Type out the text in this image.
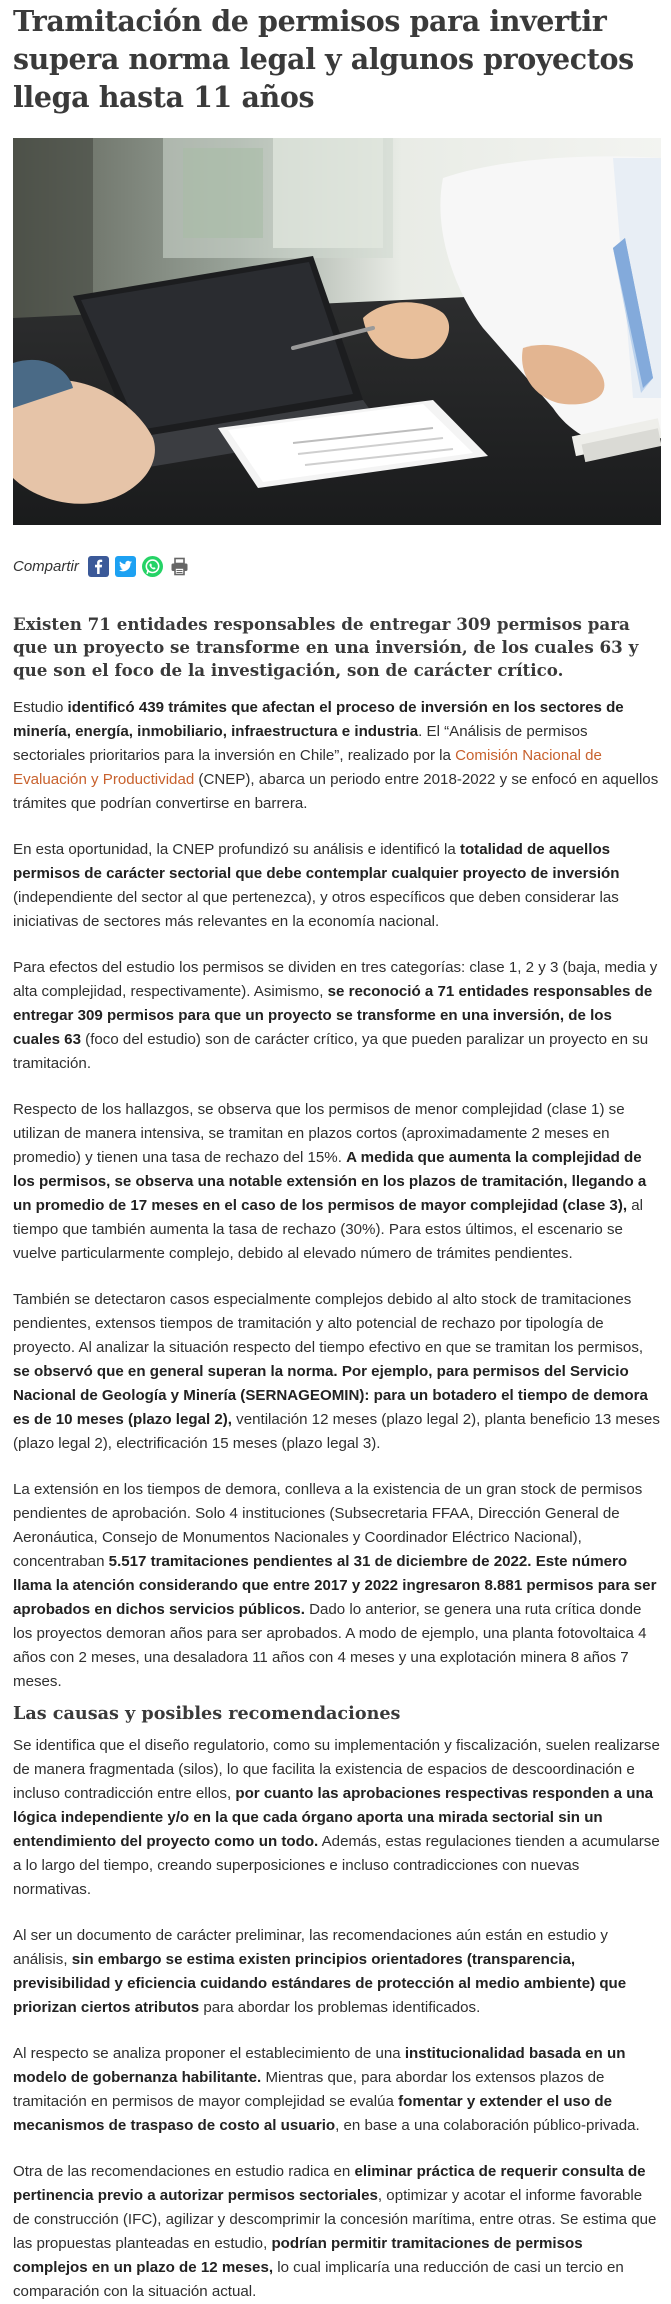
Tramitación de permisos para invertir supera norma legal y algunos proyectos llega hasta 11 años
Compartir

Existen 71 entidades responsables de entregar 309 permisos para que un proyecto se transforme en una inversión, de los cuales 63 y que son el foco de la investigación, son de carácter crítico.

Estudio identificó 439 trámites que afectan el proceso de inversión en los sectores de minería, energía, inmobiliario, infraestructura e industria. El “Análisis de permisos sectoriales prioritarios para la inversión en Chile”, realizado por la Comisión Nacional de Evaluación y Productividad (CNEP), abarca un periodo entre 2018-2022 y se enfocó en aquellos trámites que podrían convertirse en barrera.

En esta oportunidad, la CNEP profundizó su análisis e identificó la totalidad de aquellos permisos de carácter sectorial que debe contemplar cualquier proyecto de inversión (independiente del sector al que pertenezca), y otros específicos que deben considerar las iniciativas de sectores más relevantes en la economía nacional.

Para efectos del estudio los permisos se dividen en tres categorías: clase 1, 2 y 3 (baja, media y alta complejidad, respectivamente). Asimismo, se reconoció a 71 entidades responsables de entregar 309 permisos para que un proyecto se transforme en una inversión, de los cuales 63 (foco del estudio) son de carácter crítico, ya que pueden paralizar un proyecto en su tramitación.

Respecto de los hallazgos, se observa que los permisos de menor complejidad (clase 1) se utilizan de manera intensiva, se tramitan en plazos cortos (aproximadamente 2 meses en promedio) y tienen una tasa de rechazo del 15%. A medida que aumenta la complejidad de los permisos, se observa una notable extensión en los plazos de tramitación, llegando a un promedio de 17 meses en el caso de los permisos de mayor complejidad (clase 3), al tiempo que también aumenta la tasa de rechazo (30%). Para estos últimos, el escenario se vuelve particularmente complejo, debido al elevado número de trámites pendientes.

También se detectaron casos especialmente complejos debido al alto stock de tramitaciones pendientes, extensos tiempos de tramitación y alto potencial de rechazo por tipología de proyecto. Al analizar la situación respecto del tiempo efectivo en que se tramitan los permisos, se observó que en general superan la norma. Por ejemplo, para permisos del Servicio Nacional de Geología y Minería (SERNAGEOMIN): para un botadero el tiempo de demora es de 10 meses (plazo legal 2), ventilación 12 meses (plazo legal 2), planta beneficio 13 meses (plazo legal 2), electrificación 15 meses (plazo legal 3).

La extensión en los tiempos de demora, conlleva a la existencia de un gran stock de permisos pendientes de aprobación. Solo 4 instituciones (Subsecretaria FFAA, Dirección General de Aeronáutica, Consejo de Monumentos Nacionales y Coordinador Eléctrico Nacional), concentraban 5.517 tramitaciones pendientes al 31 de diciembre de 2022. Este número llama la atención considerando que entre 2017 y 2022 ingresaron 8.881 permisos para ser aprobados en dichos servicios públicos. Dado lo anterior, se genera una ruta crítica donde los proyectos demoran años para ser aprobados. A modo de ejemplo, una planta fotovoltaica 4 años con 2 meses, una desaladora 11 años con 4 meses y una explotación minera 8 años 7 meses.

Las causas y posibles recomendaciones

Se identifica que el diseño regulatorio, como su implementación y fiscalización, suelen realizarse de manera fragmentada (silos), lo que facilita la existencia de espacios de descoordinación e incluso contradicción entre ellos, por cuanto las aprobaciones respectivas responden a una lógica independiente y/o en la que cada órgano aporta una mirada sectorial sin un entendimiento del proyecto como un todo. Además, estas regulaciones tienden a acumularse a lo largo del tiempo, creando superposiciones e incluso contradicciones con nuevas normativas.

Al ser un documento de carácter preliminar, las recomendaciones aún están en estudio y análisis, sin embargo se estima existen principios orientadores (transparencia, previsibilidad y eficiencia cuidando estándares de protección al medio ambiente) que priorizan ciertos atributos para abordar los problemas identificados.

Al respecto se analiza proponer el establecimiento de una institucionalidad basada en un modelo de gobernanza habilitante. Mientras que, para abordar los extensos plazos de tramitación en permisos de mayor complejidad se evalúa fomentar y extender el uso de mecanismos de traspaso de costo al usuario, en base a una colaboración público-privada.

Otra de las recomendaciones en estudio radica en eliminar práctica de requerir consulta de pertinencia previo a autorizar permisos sectoriales, optimizar y acotar el informe favorable de construcción (IFC), agilizar y descomprimir la concesión marítima, entre otras. Se estima que las propuestas planteadas en estudio, podrían permitir tramitaciones de permisos complejos en un plazo de 12 meses, lo cual implicaría una reducción de casi un tercio en comparación con la situación actual.
